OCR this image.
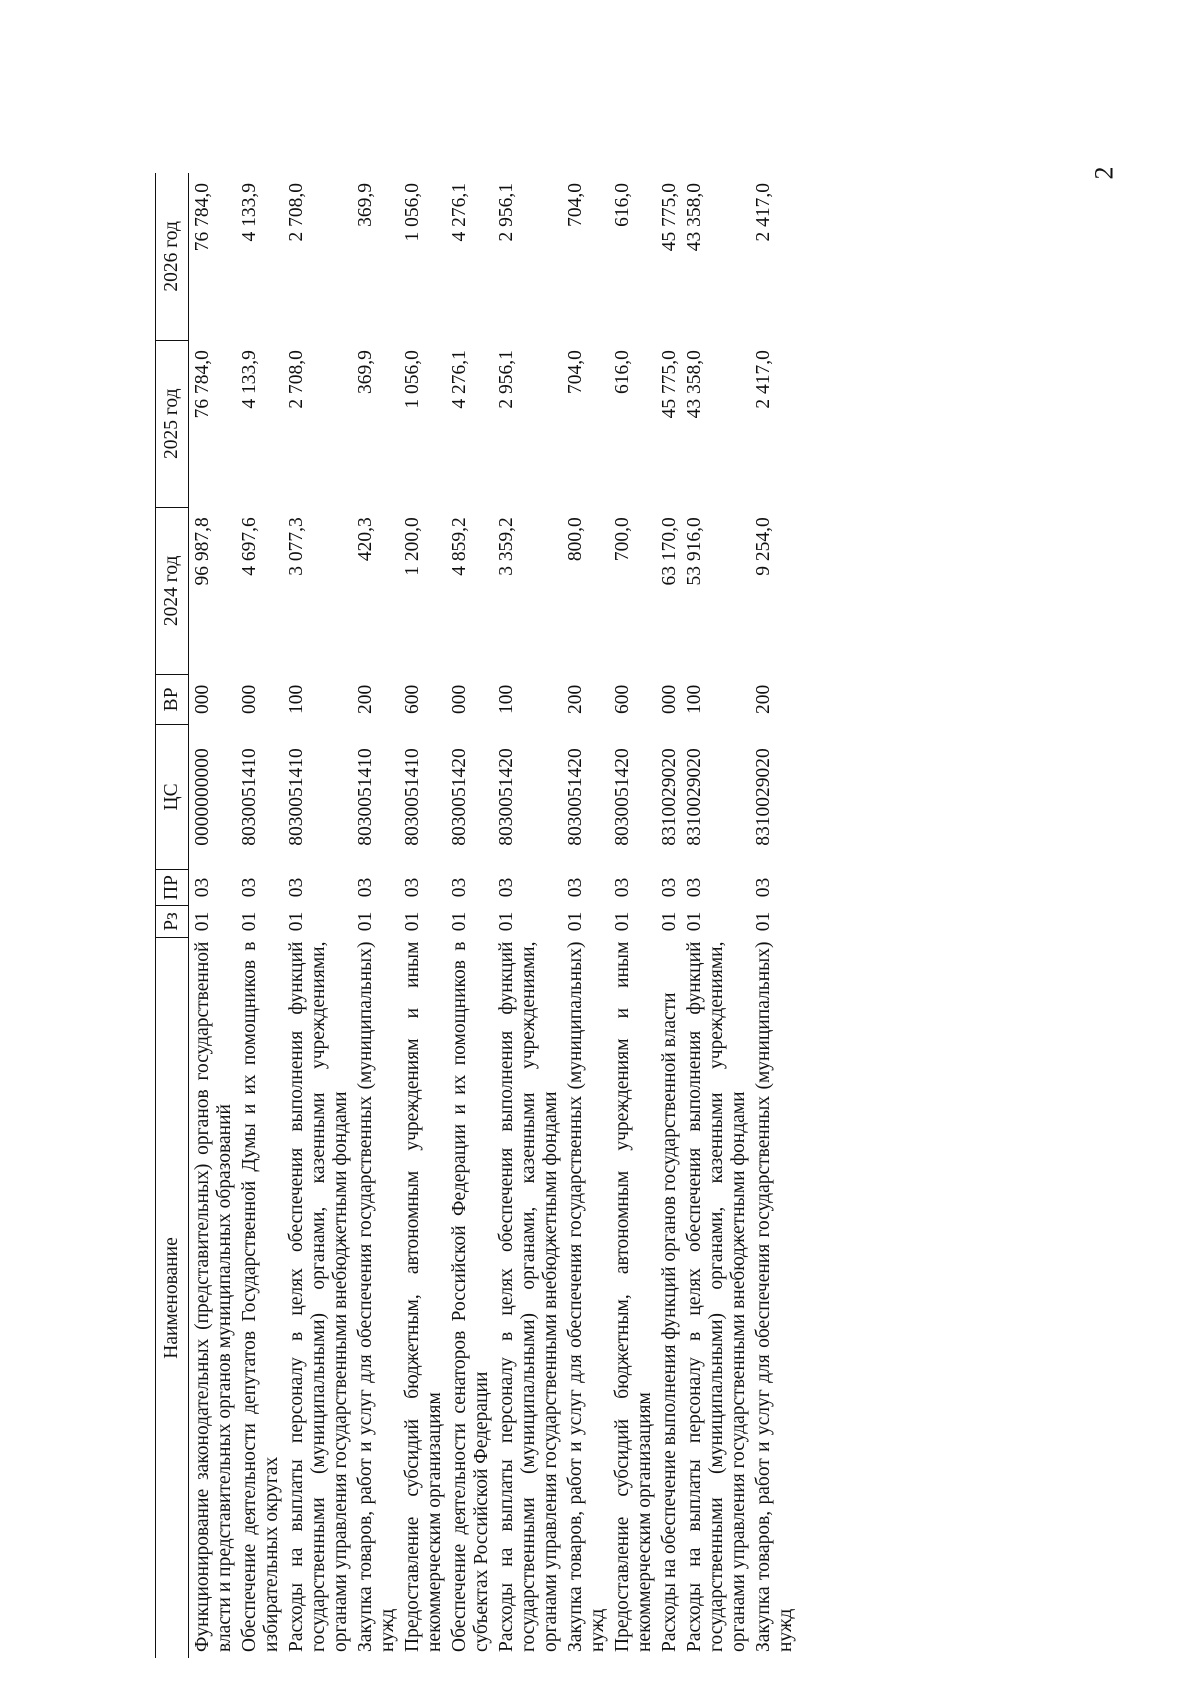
2
Наименование	Рз	ПР	ЦС	ВР	2024 год	2025 год	2026 год
Функционирование законодательных (представительных) органов государственной власти и представительных органов муниципальных образований	01	03	0000000000	000	96 987,8	76 784,0	76 784,0
Обеспечение деятельности депутатов Государственной Думы и их помощников в избирательных округах	01	03	8030051410	000	4 697,6	4 133,9	4 133,9
Расходы на выплаты персоналу в целях обеспечения выполнения функций государственными (муниципальными) органами, казенными учреждениями, органами управления государственными внебюджетными фондами	01	03	8030051410	100	3 077,3	2 708,0	2 708,0
Закупка товаров, работ и услуг для обеспечения государственных (муниципальных) нужд	01	03	8030051410	200	420,3	369,9	369,9
Предоставление субсидий бюджетным, автономным учреждениям и иным некоммерческим организациям	01	03	8030051410	600	1 200,0	1 056,0	1 056,0
Обеспечение деятельности сенаторов Российской Федерации и их помощников в субъектах Российской Федерации	01	03	8030051420	000	4 859,2	4 276,1	4 276,1
Расходы на выплаты персоналу в целях обеспечения выполнения функций государственными (муниципальными) органами, казенными учреждениями, органами управления государственными внебюджетными фондами	01	03	8030051420	100	3 359,2	2 956,1	2 956,1
Закупка товаров, работ и услуг для обеспечения государственных (муниципальных) нужд	01	03	8030051420	200	800,0	704,0	704,0
Предоставление субсидий бюджетным, автономным учреждениям и иным некоммерческим организациям	01	03	8030051420	600	700,0	616,0	616,0
Расходы на обеспечение выполнения функций органов государственной власти	01	03	8310029020	000	63 170,0	45 775,0	45 775,0
Расходы на выплаты персоналу в целях обеспечения выполнения функций государственными (муниципальными) органами, казенными учреждениями, органами управления государственными внебюджетными фондами	01	03	8310029020	100	53 916,0	43 358,0	43 358,0
Закупка товаров, работ и услуг для обеспечения государственных (муниципальных) нужд	01	03	8310029020	200	9 254,0	2 417,0	2 417,0
